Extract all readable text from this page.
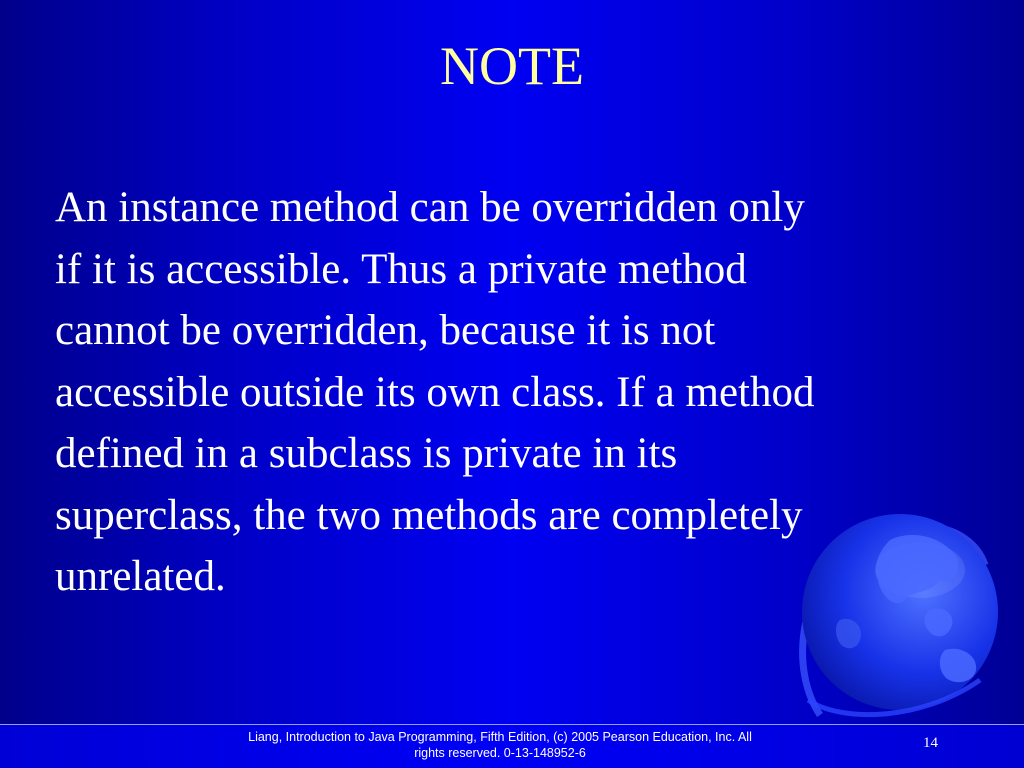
NOTE

An instance method can be overridden only
if it is accessible. Thus a private method
cannot be overridden, because it is not
accessible outside its own class. If a method
defined in a subclass is private in its
superclass, the two methods are completely
unrelated.

Liang, Introduction to Java Programming, Fifth Edition, (c) 2005 Pearson Education, Inc. All
rights reserved. 0-13-148952-6
14
